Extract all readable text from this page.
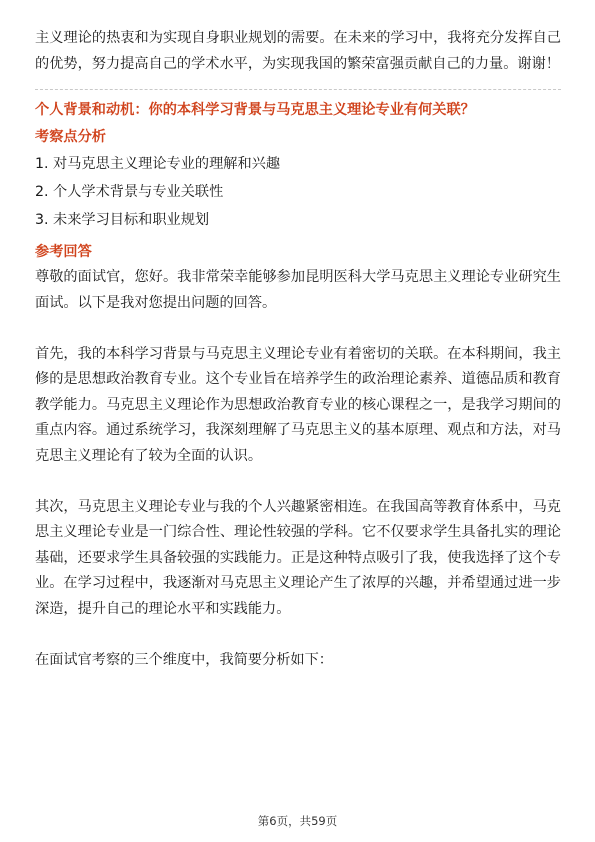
主义理论的热衷和为实现自身职业规划的需要。在未来的学习中，我将充分发挥自己的优势，努力提高自己的学术水平，为实现我国的繁荣富强贡献自己的力量。谢谢！

个人背景和动机：你的本科学习背景与马克思主义理论专业有何关联？

考察点分析

1. 对马克思主义理论专业的理解和兴趣
2. 个人学术背景与专业关联性
3. 未来学习目标和职业规划

参考回答

尊敬的面试官，您好。我非常荣幸能够参加昆明医科大学马克思主义理论专业研究生面试。以下是我对您提出问题的回答。

首先，我的本科学习背景与马克思主义理论专业有着密切的关联。在本科期间，我主修的是思想政治教育专业。这个专业旨在培养学生的政治理论素养、道德品质和教育教学能力。马克思主义理论作为思想政治教育专业的核心课程之一，是我学习期间的重点内容。通过系统学习，我深刻理解了马克思主义的基本原理、观点和方法，对马克思主义理论有了较为全面的认识。

其次，马克思主义理论专业与我的个人兴趣紧密相连。在我国高等教育体系中，马克思主义理论专业是一门综合性、理论性较强的学科。它不仅要求学生具备扎实的理论基础，还要求学生具备较强的实践能力。正是这种特点吸引了我，使我选择了这个专业。在学习过程中，我逐渐对马克思主义理论产生了浓厚的兴趣，并希望通过进一步深造，提升自己的理论水平和实践能力。

在面试官考察的三个维度中，我简要分析如下：

第6页，共59页
